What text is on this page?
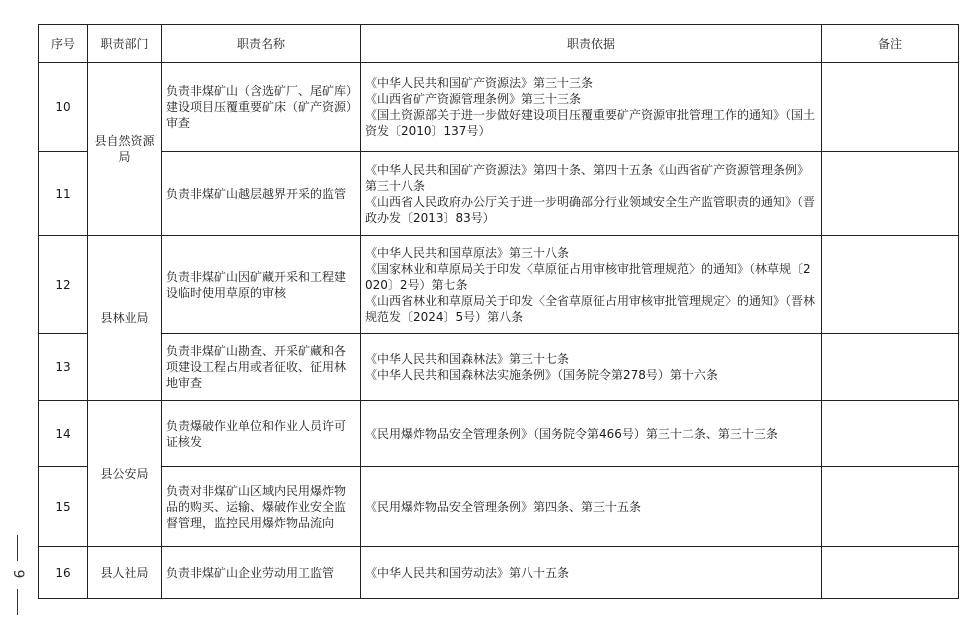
9
序号	职责部门	职责名称	职责依据	备注
10	县自然资源局	负责非煤矿山（含选矿厂、尾矿库）建设项目压覆重要矿床（矿产资源）审查	《中华人民共和国矿产资源法》第三十三条
《山西省矿产资源管理条例》第三十三条
《国土资源部关于进一步做好建设项目压覆重要矿产资源审批管理工作的通知》（国土资发〔2010〕137号）	

11		负责非煤矿山越层越界开采的监管	《中华人民共和国矿产资源法》第四十条、第四十五条《山西省矿产资源管理条例》第三十八条
《山西省人民政府办公厅关于进一步明确部分行业领域安全生产监管职责的通知》（晋政办发〔2013〕83号）	

12	县林业局	负责非煤矿山因矿藏开采和工程建设临时使用草原的审核	《中华人民共和国草原法》第三十八条
《国家林业和草原局关于印发〈草原征占用审核审批管理规范〉的通知》（林草规〔2020〕2号）第七条
《山西省林业和草原局关于印发〈全省草原征占用审核审批管理规定〉的通知》（晋林规范发〔2024〕5号）第八条	

13		负责非煤矿山勘查、开采矿藏和各项建设工程占用或者征收、征用林地审查	《中华人民共和国森林法》第三十七条
《中华人民共和国森林法实施条例》（国务院令第278号）第十六条	

14	县公安局	负责爆破作业单位和作业人员许可证核发	《民用爆炸物品安全管理条例》（国务院令第466号）第三十二条、第三十三条	

15		负责对非煤矿山区域内民用爆炸物品的购买、运输、爆破作业安全监督管理，监控民用爆炸物品流向	《民用爆炸物品安全管理条例》第四条、第三十五条	

16	县人社局	负责非煤矿山企业劳动用工监管	《中华人民共和国劳动法》第八十五条	
